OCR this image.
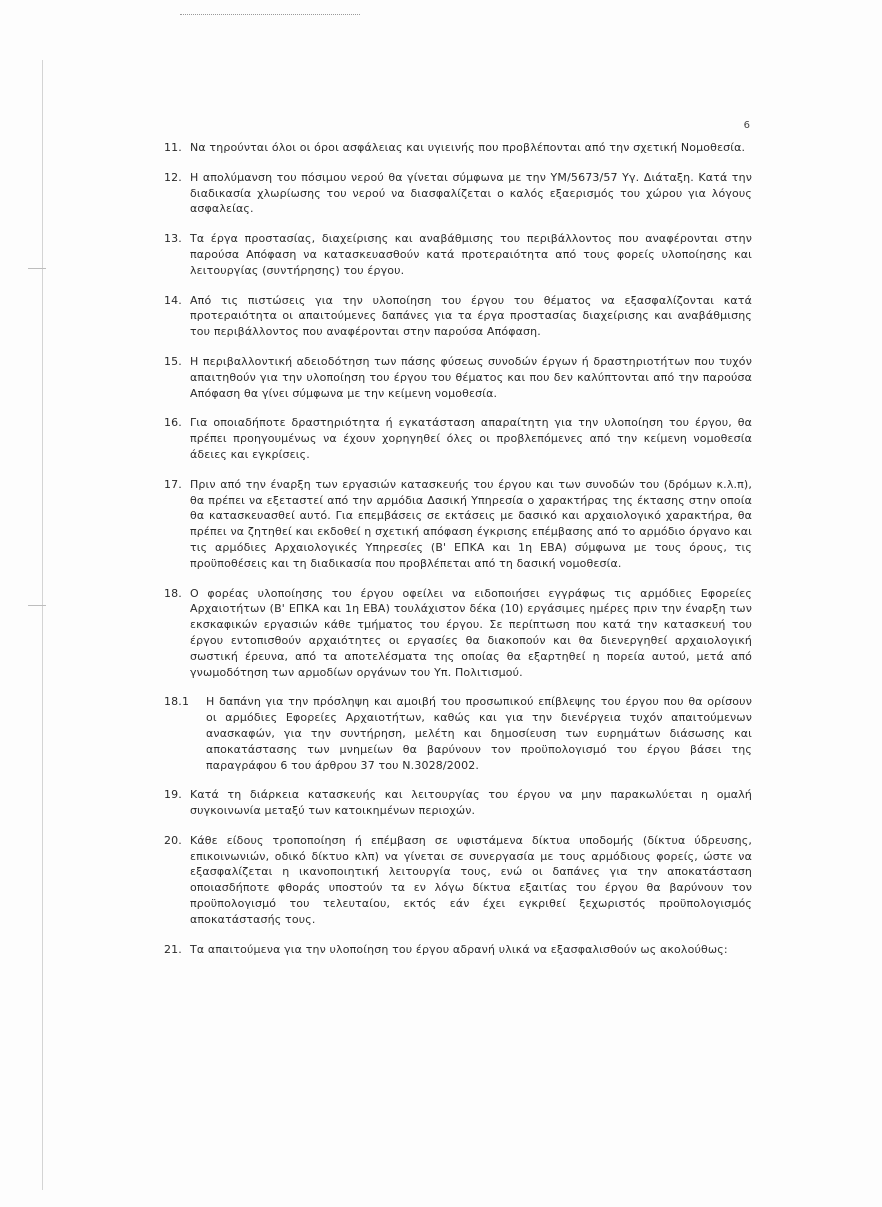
6
11. Να τηρούνται όλοι οι όροι ασφάλειας και υγιεινής που προβλέπονται από την σχετική Νομοθεσία.
12. Η απολύμανση του πόσιμου νερού θα γίνεται σύμφωνα με την ΥΜ/5673/57 Υγ. Διάταξη. Κατά την διαδικασία χλωρίωσης του νερού να διασφαλίζεται ο καλός εξαερισμός του χώρου για λόγους ασφαλείας.
13. Τα έργα προστασίας, διαχείρισης και αναβάθμισης του περιβάλλοντος που αναφέρονται στην παρούσα Απόφαση να κατασκευασθούν κατά προτεραιότητα από τους φορείς υλοποίησης και λειτουργίας (συντήρησης) του έργου.
14. Από τις πιστώσεις για την υλοποίηση του έργου του θέματος να εξασφαλίζονται κατά προτεραιότητα οι απαιτούμενες δαπάνες για τα έργα προστασίας διαχείρισης και αναβάθμισης του περιβάλλοντος που αναφέρονται στην παρούσα Απόφαση.
15. Η περιβαλλοντική αδειοδότηση των πάσης φύσεως συνοδών έργων ή δραστηριοτήτων που τυχόν απαιτηθούν για την υλοποίηση του έργου του θέματος και που δεν καλύπτονται από την παρούσα Απόφαση θα γίνει σύμφωνα με την κείμενη νομοθεσία.
16. Για οποιαδήποτε δραστηριότητα ή εγκατάσταση απαραίτητη για την υλοποίηση του έργου, θα πρέπει προηγουμένως να έχουν χορηγηθεί όλες οι προβλεπόμενες από την κείμενη νομοθεσία άδειες και εγκρίσεις.
17. Πριν από την έναρξη των εργασιών κατασκευής του έργου και των συνοδών του (δρόμων κ.λ.π), θα πρέπει να εξεταστεί από την αρμόδια Δασική Υπηρεσία ο χαρακτήρας της έκτασης στην οποία θα κατασκευασθεί αυτό. Για επεμβάσεις σε εκτάσεις με δασικό και αρχαιολογικό χαρακτήρα, θα πρέπει να ζητηθεί και εκδοθεί η σχετική απόφαση έγκρισης επέμβασης από το αρμόδιο όργανο και τις αρμόδιες Αρχαιολογικές Υπηρεσίες (Β' ΕΠΚΑ και 1η ΕΒΑ) σύμφωνα με τους όρους, τις προϋποθέσεις και τη διαδικασία που προβλέπεται από τη δασική νομοθεσία.
18. Ο φορέας υλοποίησης του έργου οφείλει να ειδοποιήσει εγγράφως τις αρμόδιες Εφορείες Αρχαιοτήτων (Β' ΕΠΚΑ και 1η ΕΒΑ) τουλάχιστον δέκα (10) εργάσιμες ημέρες πριν την έναρξη των εκσκαφικών εργασιών κάθε τμήματος του έργου. Σε περίπτωση που κατά την κατασκευή του έργου εντοπισθούν αρχαιότητες οι εργασίες θα διακοπούν και θα διενεργηθεί αρχαιολογική σωστική έρευνα, από τα αποτελέσματα της οποίας θα εξαρτηθεί η πορεία αυτού, μετά από γνωμοδότηση των αρμοδίων οργάνων του Υπ. Πολιτισμού.
18.1	Η δαπάνη για την πρόσληψη και αμοιβή του προσωπικού επίβλεψης του έργου που θα ορίσουν οι αρμόδιες Εφορείες Αρχαιοτήτων, καθώς και για την διενέργεια τυχόν απαιτούμενων ανασκαφών, για την συντήρηση, μελέτη και δημοσίευση των ευρημάτων διάσωσης και αποκατάστασης των μνημείων θα βαρύνουν τον προϋπολογισμό του έργου βάσει της παραγράφου 6 του άρθρου 37 του Ν.3028/2002.
19. Κατά τη διάρκεια κατασκευής και λειτουργίας του έργου να μην παρακωλύεται η ομαλή συγκοινωνία μεταξύ των κατοικημένων περιοχών.
20. Κάθε είδους τροποποίηση ή επέμβαση σε υφιστάμενα δίκτυα υποδομής (δίκτυα ύδρευσης, επικοινωνιών, οδικό δίκτυο κλπ) να γίνεται σε συνεργασία με τους αρμόδιους φορείς, ώστε να εξασφαλίζεται η ικανοποιητική λειτουργία τους, ενώ οι δαπάνες για την αποκατάσταση οποιασδήποτε φθοράς υποστούν τα εν λόγω δίκτυα εξαιτίας του έργου θα βαρύνουν τον προϋπολογισμό του τελευταίου, εκτός εάν έχει εγκριθεί ξεχωριστός προϋπολογισμός αποκατάστασής τους.
21. Τα απαιτούμενα για την υλοποίηση του έργου αδρανή υλικά να εξασφαλισθούν ως ακολούθως:
